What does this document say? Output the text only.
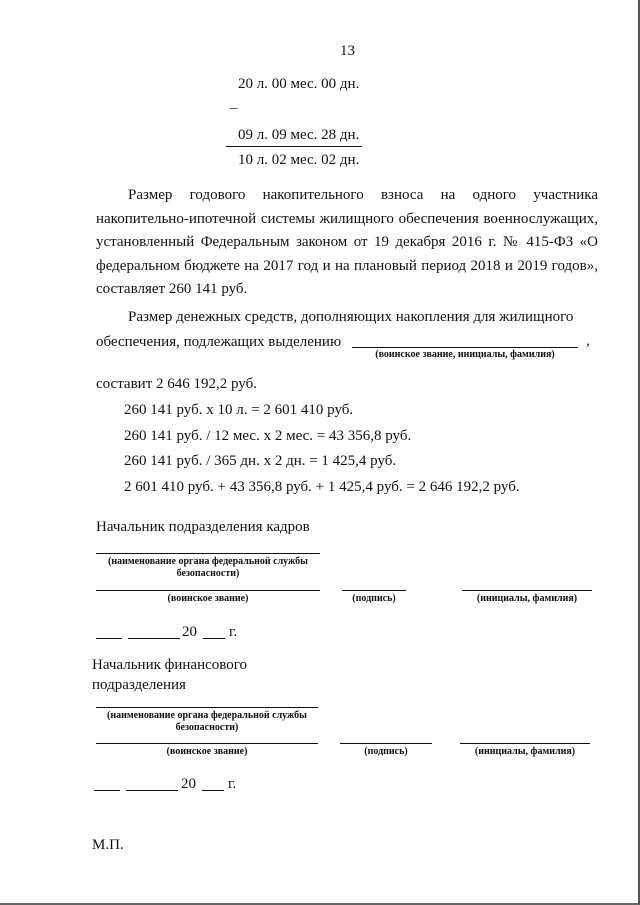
13
20 л. 00 мес. 00 дн.
–
09 л. 09 мес. 28 дн.
10 л. 02 мес. 02 дн.
Размер годового накопительного взноса на одного участника накопительно-ипотечной системы жилищного обеспечения военнослужащих, установленный Федеральным законом от 19 декабря 2016 г. № 415-ФЗ «О федеральном бюджете на 2017 год и на плановый период 2018 и 2019 годов», составляет 260 141 руб.
Размер денежных средств, дополняющих накопления для жилищного
обеспечения, подлежащих выделению	,
(воинское звание, инициалы, фамилия)
составит 2 646 192,2 руб.
260 141 руб. х 10 л. = 2 601 410 руб.
260 141 руб. / 12 мес. х 2 мес. = 43 356,8 руб.
260 141 руб. / 365 дн. х 2 дн. = 1 425,4 руб.
2 601 410 руб. + 43 356,8 руб. + 1 425,4 руб. = 2 646 192,2 руб.
Начальник подразделения кадров
(наименование органа федеральной службы безопасности)
(воинское звание)	(подпись)	(инициалы, фамилия)
20 г.
Начальник финансового
подразделения
(наименование органа федеральной службы безопасности)
(воинское звание)	(подпись)	(инициалы, фамилия)
20 г.
М.П.
